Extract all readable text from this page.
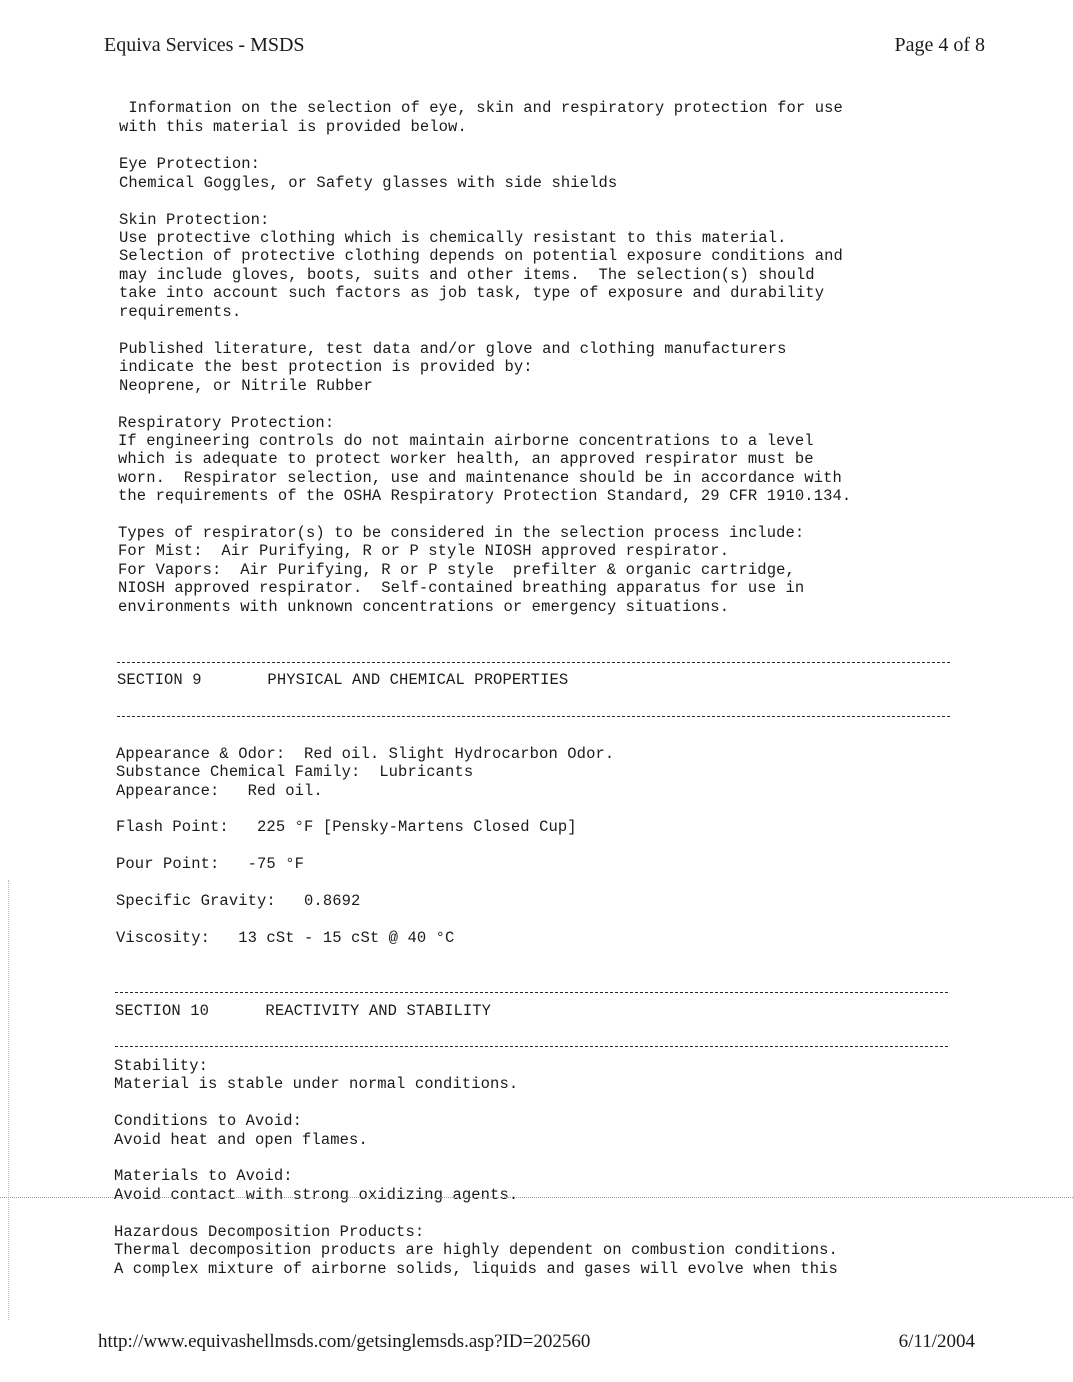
Equiva Services - MSDS	Page 4 of 8
Information on the selection of eye, skin and respiratory protection for use
with this material is provided below.
Eye Protection:
Chemical Goggles, or Safety glasses with side shields
Skin Protection:
Use protective clothing which is chemically resistant to this material.
Selection of protective clothing depends on potential exposure conditions and
may include gloves, boots, suits and other items.  The selection(s) should
take into account such factors as job task, type of exposure and durability
requirements.
Published literature, test data and/or glove and clothing manufacturers
indicate the best protection is provided by:
Neoprene, or Nitrile Rubber
Respiratory Protection:
If engineering controls do not maintain airborne concentrations to a level
which is adequate to protect worker health, an approved respirator must be
worn.  Respirator selection, use and maintenance should be in accordance with
the requirements of the OSHA Respiratory Protection Standard, 29 CFR 1910.134.
Types of respirator(s) to be considered in the selection process include:
For Mist:  Air Purifying, R or P style NIOSH approved respirator.
For Vapors:  Air Purifying, R or P style  prefilter & organic cartridge,
NIOSH approved respirator.  Self-contained breathing apparatus for use in
environments with unknown concentrations or emergency situations.
SECTION 9       PHYSICAL AND CHEMICAL PROPERTIES
Appearance & Odor:  Red oil. Slight Hydrocarbon Odor.
Substance Chemical Family:  Lubricants
Appearance:   Red oil.
Flash Point:   225 °F [Pensky-Martens Closed Cup]
Pour Point:   -75 °F
Specific Gravity:   0.8692
Viscosity:   13 cSt - 15 cSt @ 40 °C
SECTION 10      REACTIVITY AND STABILITY
Stability:
Material is stable under normal conditions.
Conditions to Avoid:
Avoid heat and open flames.
Materials to Avoid:
Avoid contact with strong oxidizing agents.
Hazardous Decomposition Products:
Thermal decomposition products are highly dependent on combustion conditions.
A complex mixture of airborne solids, liquids and gases will evolve when this
http://www.equivashellmsds.com/getsinglemsds.asp?ID=202560	6/11/2004
